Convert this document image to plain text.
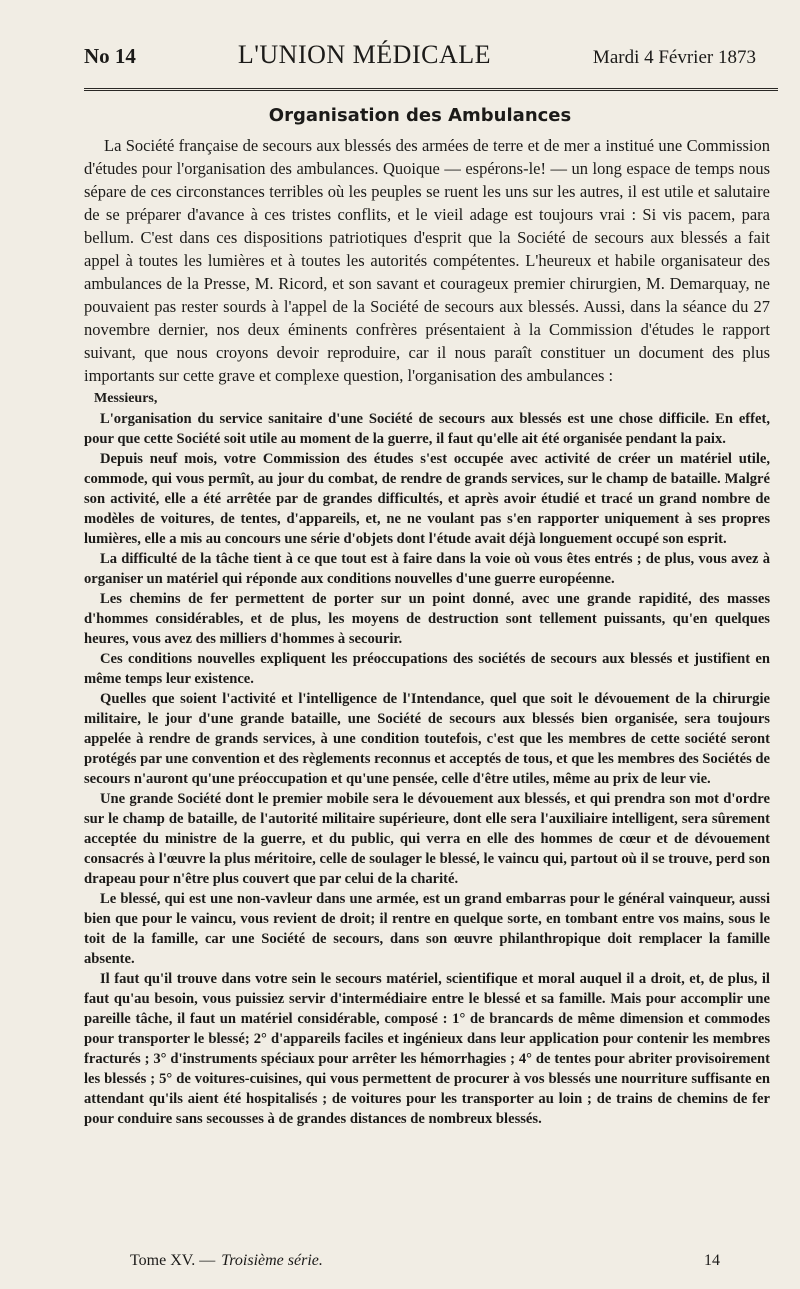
No 14	L'UNION MÉDICALE	Mardi 4 Février 1873
Organisation des Ambulances

La Société française de secours aux blessés des armées de terre et de mer a institué une Commission d'études pour l'organisation des ambulances. Quoique — espérons-le! — un long espace de temps nous sépare de ces circonstances terribles où les peuples se ruent les uns sur les autres, il est utile et salutaire de se préparer d'avance à ces tristes conflits, et le vieil adage est toujours vrai : Si vis pacem, para bellum. C'est dans ces dispositions patriotiques d'esprit que la Société de secours aux blessés a fait appel à toutes les lumières et à toutes les autorités compétentes. L'heureux et habile organisateur des ambulances de la Presse, M. Ricord, et son savant et courageux premier chirurgien, M. Demarquay, ne pouvaient pas rester sourds à l'appel de la Société de secours aux blessés. Aussi, dans la séance du 27 novembre dernier, nos deux éminents confrères présentaient à la Commission d'études le rapport suivant, que nous croyons devoir reproduire, car il nous paraît constituer un document des plus importants sur cette grave et complexe question, l'organisation des ambulances :

Messieurs,

L'organisation du service sanitaire d'une Société de secours aux blessés est une chose difficile. En effet, pour que cette Société soit utile au moment de la guerre, il faut qu'elle ait été organisée pendant la paix.

Depuis neuf mois, votre Commission des études s'est occupée avec activité de créer un matériel utile, commode, qui vous permît, au jour du combat, de rendre de grands services, sur le champ de bataille. Malgré son activité, elle a été arrêtée par de grandes difficultés, et après avoir étudié et tracé un grand nombre de modèles de voitures, de tentes, d'appareils, et, ne ne voulant pas s'en rapporter uniquement à ses propres lumières, elle a mis au concours une série d'objets dont l'étude avait déjà longuement occupé son esprit.

La difficulté de la tâche tient à ce que tout est à faire dans la voie où vous êtes entrés ; de plus, vous avez à organiser un matériel qui réponde aux conditions nouvelles d'une guerre européenne.

Les chemins de fer permettent de porter sur un point donné, avec une grande rapidité, des masses d'hommes considérables, et de plus, les moyens de destruction sont tellement puissants, qu'en quelques heures, vous avez des milliers d'hommes à secourir.

Ces conditions nouvelles expliquent les préoccupations des sociétés de secours aux blessés et justifient en même temps leur existence.

Quelles que soient l'activité et l'intelligence de l'Intendance, quel que soit le dévouement de la chirurgie militaire, le jour d'une grande bataille, une Société de secours aux blessés bien organisée, sera toujours appelée à rendre de grands services, à une condition toutefois, c'est que les membres de cette société seront protégés par une convention et des règlements reconnus et acceptés de tous, et que les membres des Sociétés de secours n'auront qu'une préoccupation et qu'une pensée, celle d'être utiles, même au prix de leur vie.

Une grande Société dont le premier mobile sera le dévouement aux blessés, et qui prendra son mot d'ordre sur le champ de bataille, de l'autorité militaire supérieure, dont elle sera l'auxiliaire intelligent, sera sûrement acceptée du ministre de la guerre, et du public, qui verra en elle des hommes de cœur et de dévouement consacrés à l'œuvre la plus méritoire, celle de soulager le blessé, le vaincu qui, partout où il se trouve, perd son drapeau pour n'être plus couvert que par celui de la charité.

Le blessé, qui est une non-vavleur dans une armée, est un grand embarras pour le général vainqueur, aussi bien que pour le vaincu, vous revient de droit; il rentre en quelque sorte, en tombant entre vos mains, sous le toit de la famille, car une Société de secours, dans son œuvre philanthropique doit remplacer la famille absente.

Il faut qu'il trouve dans votre sein le secours matériel, scientifique et moral auquel il a droit, et, de plus, il faut qu'au besoin, vous puissiez servir d'intermédiaire entre le blessé et sa famille. Mais pour accomplir une pareille tâche, il faut un matériel considérable, composé : 1° de brancards de même dimension et commodes pour transporter le blessé; 2° d'appareils faciles et ingénieux dans leur application pour contenir les membres fracturés ; 3° d'instruments spéciaux pour arrêter les hémorrhagies ; 4° de tentes pour abriter provisoirement les blessés ; 5° de voitures-cuisines, qui vous permettent de procurer à vos blessés une nourriture suffisante en attendant qu'ils aient été hospitalisés ; de voitures pour les transporter au loin ; de trains de chemins de fer pour conduire sans secousses à de grandes distances de nombreux blessés.

Tome XV. — Troisième série.	14
